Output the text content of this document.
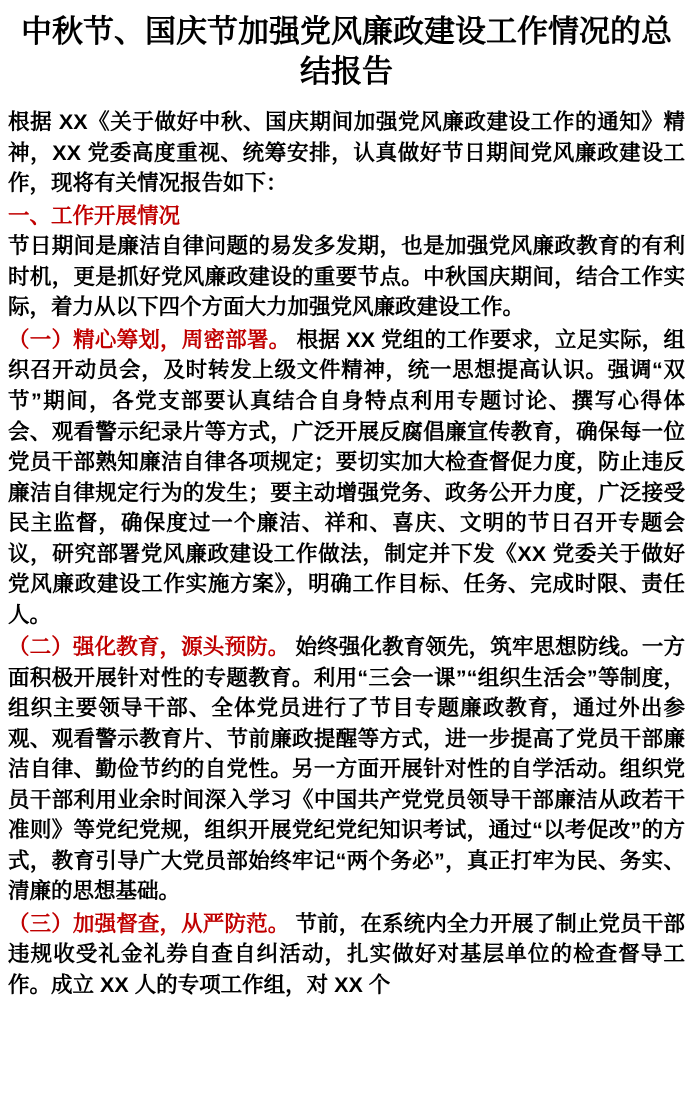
中秋节、国庆节加强党风廉政建设工作情况的总结报告

根据 XX《关于做好中秋、国庆期间加强党风廉政建设工作的通知》精神，XX 党委高度重视、统筹安排，认真做好节日期间党风廉政建设工作，现将有关情况报告如下：

一、工作开展情况

节日期间是廉洁自律问题的易发多发期，也是加强党风廉政教育的有利时机，更是抓好党风廉政建设的重要节点。中秋国庆期间，结合工作实际，着力从以下四个方面大力加强党风廉政建设工作。

（一）精心筹划，周密部署。 根据 XX 党组的工作要求，立足实际，组织召开动员会，及时转发上级文件精神，统一思想提高认识。强调“双节”期间，各党支部要认真结合自身特点利用专题讨论、撰写心得体会、观看警示纪录片等方式，广泛开展反腐倡廉宣传教育，确保每一位党员干部熟知廉洁自律各项规定；要切实加大检查督促力度，防止违反廉洁自律规定行为的发生；要主动增强党务、政务公开力度，广泛接受民主监督，确保度过一个廉洁、祥和、喜庆、文明的节日召开专题会议，研究部署党风廉政建设工作做法，制定并下发《XX 党委关于做好党风廉政建设工作实施方案》，明确工作目标、任务、完成时限、责任人。

（二）强化教育，源头预防。 始终强化教育领先，筑牢思想防线。一方面积极开展针对性的专题教育。利用“三会一课”“组织生活会”等制度，组织主要领导干部、全体党员进行了节目专题廉政教育，通过外出参观、观看警示教育片、节前廉政提醒等方式，进一步提高了党员干部廉洁自律、勤俭节约的自党性。另一方面开展针对性的自学活动。组织党员干部利用业余时间深入学习《中国共产党党员领导干部廉洁从政若干准则》等党纪党规，组织开展党纪党纪知识考试，通过“以考促改”的方式，教育引导广大党员部始终牢记“两个务必”，真正打牢为民、务实、清廉的思想基础。

（三）加强督查，从严防范。 节前，在系统内全力开展了制止党员干部违规收受礼金礼券自查自纠活动，扎实做好对基层单位的检查督导工作。成立 XX 人的专项工作组，对 XX 个
